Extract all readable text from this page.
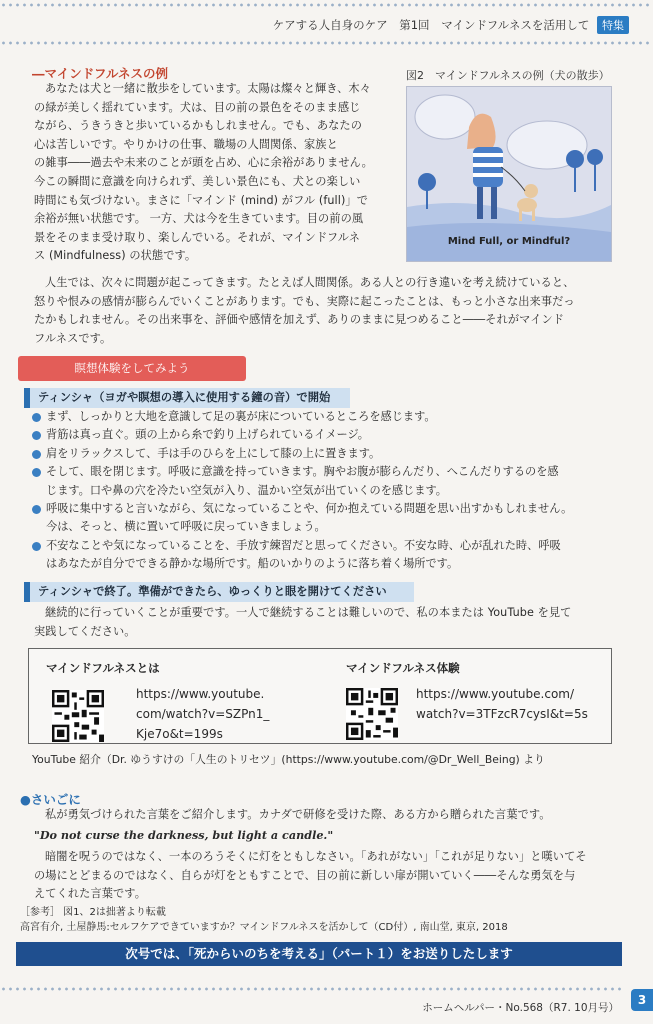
ケアする人自身のケア 第1回 マインドフルネスを活用して 特集
―マインドフルネスの例

あなたは犬と一緒に散歩をしています。太陽は燦々と輝き、木々

の緑が美しく揺れています。犬は、目の前の景色をそのまま感じ

ながら、うきうきと歩いているかもしれません。でも、あなたの

心は苦しいです。やりかけの仕事、職場の人間関係、家族と

の雑事――過去や未来のことが頭を占め、心に余裕がありません。

今この瞬間に意識を向けられず、美しい景色にも、犬との楽しい

時間にも気づけない。まさに「マインド (mind) がフル (full)」で

余裕が無い状態です。 一方、犬は今を生きています。目の前の風

景をそのまま受け取り、楽しんでいる。それが、マインドフルネ

ス (Mindfulness) の状態です。

図2　マインドフルネスの例（犬の散歩）
Mind Full, or Mindful?

人生では、次々に問題が起こってきます。たとえば人間関係。ある人との行き違いを考え続けていると、

怒りや恨みの感情が膨らんでいくことがあります。でも、実際に起こったことは、もっと小さな出来事だっ

たかもしれません。その出来事を、評価や感情を加えず、ありのままに見つめること――それがマインド

フルネスです。

瞑想体験をしてみよう
ティンシャ（ヨガや瞑想の導入に使用する鐘の音）で開始
まず、しっかりと大地を意識して足の裏が床についているところを感じます。
背筋は真っ直ぐ。頭の上から糸で釣り上げられているイメージ。
肩をリラックスして、手は手のひらを上にして膝の上に置きます。
そして、眼を閉じます。呼吸に意識を持っていきます。胸やお腹が膨らんだり、へこんだりするのを感
じます。口や鼻の穴を冷たい空気が入り、温かい空気が出ていくのを感じます。
呼吸に集中すると言いながら、気になっていることや、何か抱えている問題を思い出すかもしれません。
今は、そっと、横に置いて呼吸に戻っていきましょう。
不安なことや気になっていることを、手放す練習だと思ってください。不安な時、心が乱れた時、呼吸
はあなたが自分でできる静かな場所です。船のいかりのように落ち着く場所です。
ティンシャで終了。準備ができたら、ゆっくりと眼を開けてください

継続的に行っていくことが重要です。一人で継続することは難しいので、私の本または YouTube を見て

実践してください。

マインドフルネスとは
https://www.youtube.
com/watch?v=SZPn1_
Kje7o&t=199s
マインドフルネス体験
https://www.youtube.com/
watch?v=3TFzcR7cysI&t=5s
YouTube 紹介（Dr. ゆうすけの「人生のトリセツ」(https://www.youtube.com/@Dr_Well_Being) より
●さいごに
私が勇気づけられた言葉をご紹介します。カナダで研修を受けた際、ある方から贈られた言葉です。
"Do not curse the darkness, but light a candle."

暗闇を呪うのではなく、一本のろうそくに灯をともしなさい。「あれがない」「これが足りない」と嘆いてそ

の場にとどまるのではなく、自らが灯をともすことで、目の前に新しい扉が開いていく――そんな勇気を与

えてくれた言葉です。

［参考］ 図1、2は拙著より転載
高宮有介, 土屋静馬:セルフケアできていますか？マインドフルネスを活かして（CD付）, 南山堂, 東京, 2018
次号では、「死からいのちを考える」（パート１）をお送りしたします
ホームヘルパー・No.568（R7. 10月号）
3
